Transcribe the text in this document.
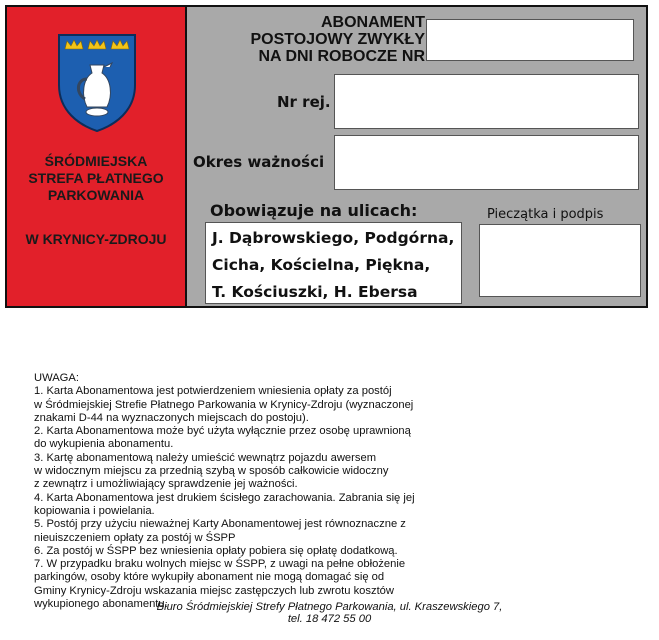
ŚRÓDMIEJSKA
STREFA PŁATNEGO
PARKOWANIA
W KRYNICY-ZDROJU
ABONAMENT
POSTOJOWY ZWYKŁY
NA DNI ROBOCZE NR
Nr rej.
Okres ważności
Obowiązuje na ulicach:
J. Dąbrowskiego, Podgórna,
Cicha, Kościelna, Piękna,
T. Kościuszki, H. Ebersa
Pieczątka i podpis
UWAGA:
1. Karta Abonamentowa jest potwierdzeniem wniesienia opłaty za postój
w Śródmiejskiej Strefie Płatnego Parkowania w Krynicy-Zdroju (wyznaczonej
znakami D-44 na wyznaczonych miejscach do postoju).
2. Karta Abonamentowa może być użyta wyłącznie przez osobę uprawnioną
do wykupienia abonamentu.
3. Kartę abonamentową należy umieścić wewnątrz pojazdu awersem
w widocznym miejscu za przednią szybą w sposób całkowicie widoczny
z zewnątrz i umożliwiający sprawdzenie jej ważności.
4. Karta Abonamentowa jest drukiem ścisłego zarachowania. Zabrania się jej
kopiowania i powielania.
5. Postój przy użyciu nieważnej Karty Abonamentowej jest równoznaczne z
nieuiszczeniem opłaty za postój w ŚSPP
6. Za postój w ŚSPP bez wniesienia opłaty pobiera się opłatę dodatkową.
7. W przypadku braku wolnych miejsc w ŚSPP, z uwagi na pełne obłożenie
parkingów, osoby które wykupiły abonament nie mogą domagać się od
Gminy Krynicy-Zdroju wskazania miejsc zastępczych lub zwrotu kosztów
wykupionego abonamentu.
Biuro Śródmiejskiej Strefy Płatnego Parkowania, ul. Kraszewskiego 7,
tel. 18 472 55 00
